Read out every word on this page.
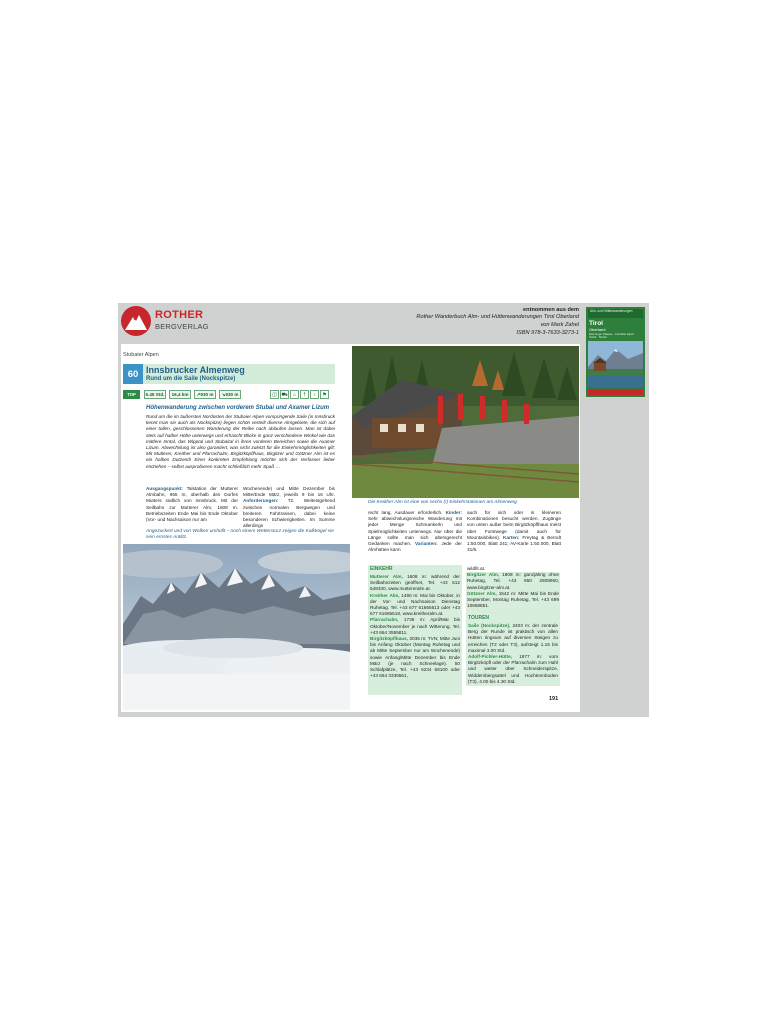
ROTHER
BERGVERLAG
entnommen aus dem
Rother Wanderbuch Alm- und Hüttenwanderungen Tirol Oberland
von Mark Zahel
ISBN 978-3-7633-3273-1
Alm- und Hüttenwanderungen
Tirol
Oberland
Mieminger Plateau · Lechtaler Alpen · Ötztal · Stubai
Stubaier Alpen
60 Innsbrucker Almenweg
Rund um die Saile (Nockspitze)
TOP	5.45 Std.	16,4 km	↗930 m	↘930 m	◫ ⛟	⌂	†	♁	⚑
Höhenwanderung zwischen vorderem Stubai und Axamer Lizum
Rund um die im äußersten Nordosten der Stubaier Alpen vorspringende Saile (in Innsbruck kennt man sie auch als Nockspitze) liegen schön verteilt diverse Almgebiete, die sich auf einer tollen, geschlossenen Wanderung der Reihe nach ablaufen lassen. Man ist dabei stets auf halber Höhe unterwegs und erhascht Blicke in ganz verschiedene Winkel wie das mittlere Inntal, das Wipptal und Stubaital in ihren vorderen Bereichen sowie die Axamer Lizum. Abwechslung ist also garantiert, was nicht zuletzt für die Einkehrmöglichkeiten gilt: Mit Mutterer, Kreither und Pfarrachalm, Birgitzköpflhaus, Birgitzer und Götzner Alm ist es ein halbes Dutzend! Einer konkreten Empfehlung möchte sich der Verfasser lieber entziehen – selbst ausprobieren macht schließlich mehr Spaß …
Ausgangspunkt: Talstation der Mutterer Almbahn, 955 m, oberhalb des Dorfes Mutters südlich von Innsbruck. Mit der Seilbahn zur Mutterer Alm, 1608 m. Betriebszeiten Ende Mai bis Ende Oktober (Vor- und Nachsaison nur am
Wochenende) und Mitte Dezember bis Mitte/Ende März, jeweils 9 bis 16 Uhr. Anforderungen: T2. Weitestgehend zwischen normalen Bergwegen und breiteren Fahrtrassen, dabei keine besonderen Schwierigkeiten. Im Summe allerdings
Angezuckert und von Wolken umhüllt – noch einem Wettersturz zeigen die Kalkkögel sie sein ernstes Antlitz.
Die Kreither Alm ist eine von sechs (!) Einkehrstationen am Almenweg.
recht lang, Ausdauer erforderlich. Kinder: Sehr abwechslungsreiche Wanderung mit jeder Menge Schmankerln und Spielmöglichkeiten unterwegs. Nur über die Länge sollte man sich altersgerecht Gedanken machen. Varianten: Jede der Almhütten kann
auch für sich oder in kleineren Kombinationen besucht werden. Zugänge von unten außer beim Birgitzköpflhaus meist über Forstwege (damit auch für Mountainbikes). Karten: Freytag & Berndt 1:50.000, Blatt 241; AV-Karte 1:50.000, Blatt 31/5.
EINKEHR
Mutterer Alm, 1608 m: während der Seilbahnzeiten geöffnet, Tel. +43 512 548330, www.muttereralm.at.
Kreither Alm, 1490 m: Mai bis Oktober, in der Vor- und Nachsaison Dienstag Ruhetag. Tel. +43 677 61665613 oder +43 677 61665618, www.kreitheralm.at.
Pfarrachalm, 1736 m: April/Mai bis Oktober/November je nach Witterung, Tel. +43 664 3555811.
Birgitzköpflhaus, 2035 m: TVN; Mitte Juni bis Anfang Oktober (Montag Ruhetag und ab Mitte September nur am Wochenende) sowie Anfang/Mitte Dezember bis Ende März (je nach Schneelage). 50 Schlafplätze, Tel. +43 5234 68100 oder +43 664 3336561,
wildfit.at.
Birgitzer Alm, 1808 m: ganzjährig ohne Ruhetag, Tel. +43 650 2809950, www.birgitzer-alm.at.
Götzner Alm, 1542 m: Mitte Mai bis Ende September, Montag Ruhetag, Tel. +43 699 10658851.
TOUREN
Saile (Nockspitze), 2403 m: der zentrale Berg der Runde ist praktisch von allen Hütten ringsum auf diversen Steigen zu erreichen (T2 oder T3), aufsteigt 1.15 bis maximal 3.00 Std.
Adolf-Pichler-Hütte, 1977 m: vom Birgitzköpfl oder der Pfarrachalm zum Hahl und weiter über Schneiderspitze, Widdersbergsattel und Hochtennboden (T3), 4.00 bis 4.30 Std.
191
